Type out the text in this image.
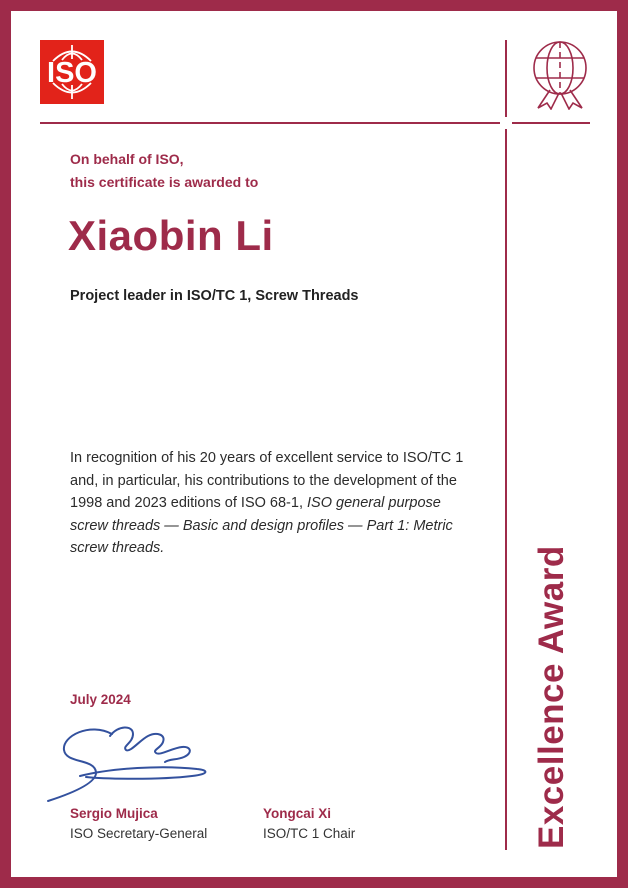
ISO
On behalf of ISO,
this certificate is awarded to
Xiaobin Li
Project leader in ISO/TC 1, Screw Threads
In recognition of his 20 years of excellent service to ISO/TC 1 and, in particular, his contributions to the development of the 1998 and 2023 editions of ISO 68-1, ISO general purpose screw threads — Basic and design profiles — Part 1: Metric screw threads.	Excellence Award
July 2024
Sergio Mujica
ISO Secretary-General
Yongcai Xi
ISO/TC 1 Chair
